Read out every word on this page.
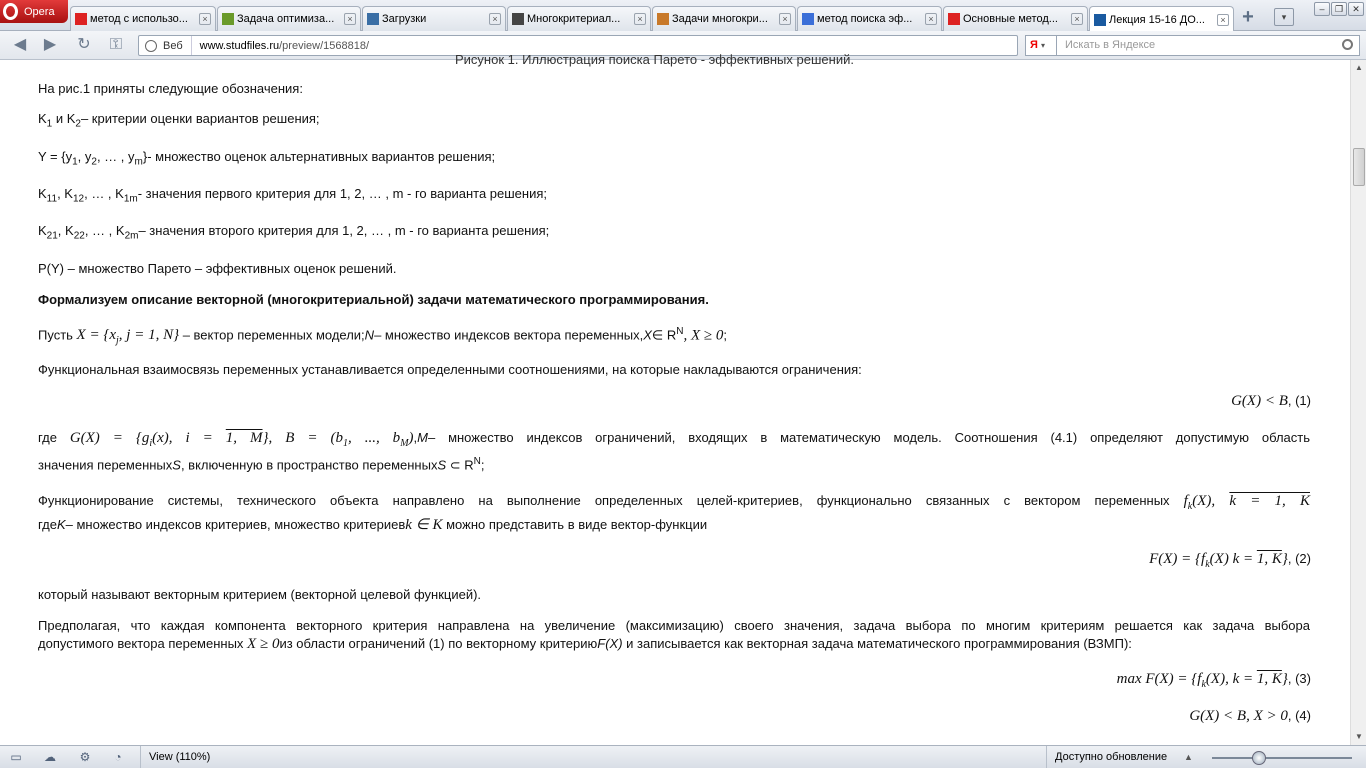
Opera
метод с использо...	×	Задача оптимиза...	×	Загрузки	×	Многокритериал...	×	Задачи многокри...	×	метод поиска эф...	×	Основные метод...	×	Лекция 15-16 ДО...	× +	▾
–	❐	✕
◀ ▶ ↻ ⚿	Веб	www.studfiles.ru/preview/1568818/	Я ▾	Искать в Яндексе
Рисунок 1. Иллюстрация поиска Парето - эффективных решений.
На рис.1 приняты следующие обозначения:
$K_1$ и $K_2-$ критерии оценки вариантов решения;
$Y = \{y_1$, $y_2$, … , $y_m\}-$ множество оценок альтернативных вариантов решения;
$K_{11}$, $K_{12}$, … , $K_{1m}-$ значения первого критерия для 1, 2, … , m - го варианта решения;
$K_{21}$, $K_{22}$, … , $K_{2m}-$ значения второго критерия для 1, 2, … , m - го варианта решения;
P(Y) – множество Парето – эффективных оценок решений.
Формализуем описание векторной (многокритериальной) задачи математического программирования.
Пусть $X = \{x_j$, j = 1, N} – вектор переменных модели;N– множество индексов вектора переменных,X∈ $R^N$, X ≥ 0;
Функциональная взаимосвязь переменных устанавливается определенными соотношениями, на которые накладываются ограничения:
G(X) < B, (1)
где $G(X) = \{g_i(x)$, i = 1, M}, $B = (b_1$, ..., $b_M),M-$ множество индексов ограничений, входящих в математическую модель. Соотношения (4.1) определяют допустимую область
значения переменныхS, включенную в пространство переменныхS ⊂ $R^N$;
Функционирование системы, технического объекта направлено на выполнение определенных целей-критериев, функционально связанных с вектором переменных $f_k(X)$, k = 1, K
гдеK– множество индексов критериев, множество критериевk ∈ K можно представить в виде вектор-функции
$F(X) = \{f_k(X) k = 1$, K}, (2)
который называют векторным критерием (векторной целевой функцией).
Предполагая, что каждая компонента векторного критерия направлена на увеличение (максимизацию) своего значения, задача выбора по многим критериям решается как задача выбора
допустимого вектора переменных X ≥ 0из области ограничений (1) по векторному критериюF(X) и записывается как векторная задача математического программирования (ВЗМП):
$\max F(X) = \{f_k(X)$, k = 1, K}, (3)
G(X) < B, X > 0, (4)
▲
▼
▭ ☁ ⚙	◔	View (110%)	Доступно обновление ▲
